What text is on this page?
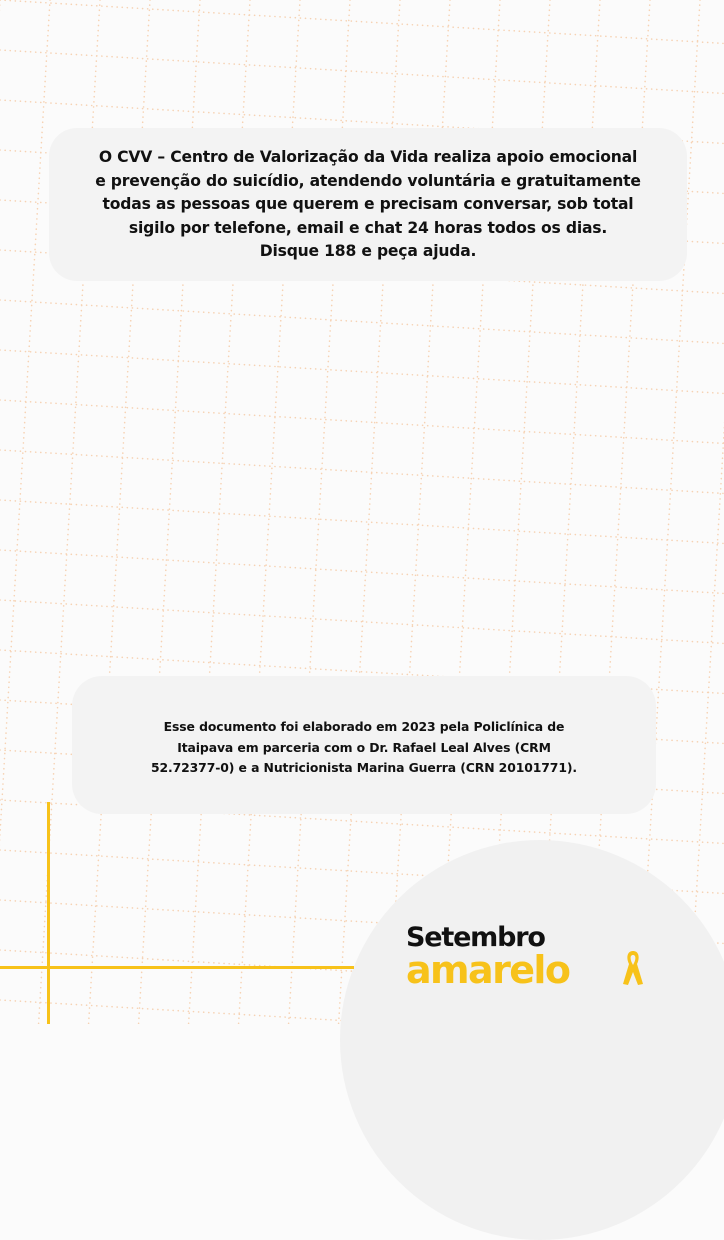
O CVV – Centro de Valorização da Vida realiza apoio emocional

e prevenção do suicídio, atendendo voluntária e gratuitamente

todas as pessoas que querem e precisam conversar, sob total

sigilo por telefone, email e chat 24 horas todos os dias.

Disque 188 e peça ajuda.

Esse documento foi elaborado em 2023 pela Policlínica de

Itaipava em parceria com o Dr. Rafael Leal Alves (CRM

52.72377-0) e a Nutricionista Marina Guerra (CRN 20101771).

Setembro
amarelo
